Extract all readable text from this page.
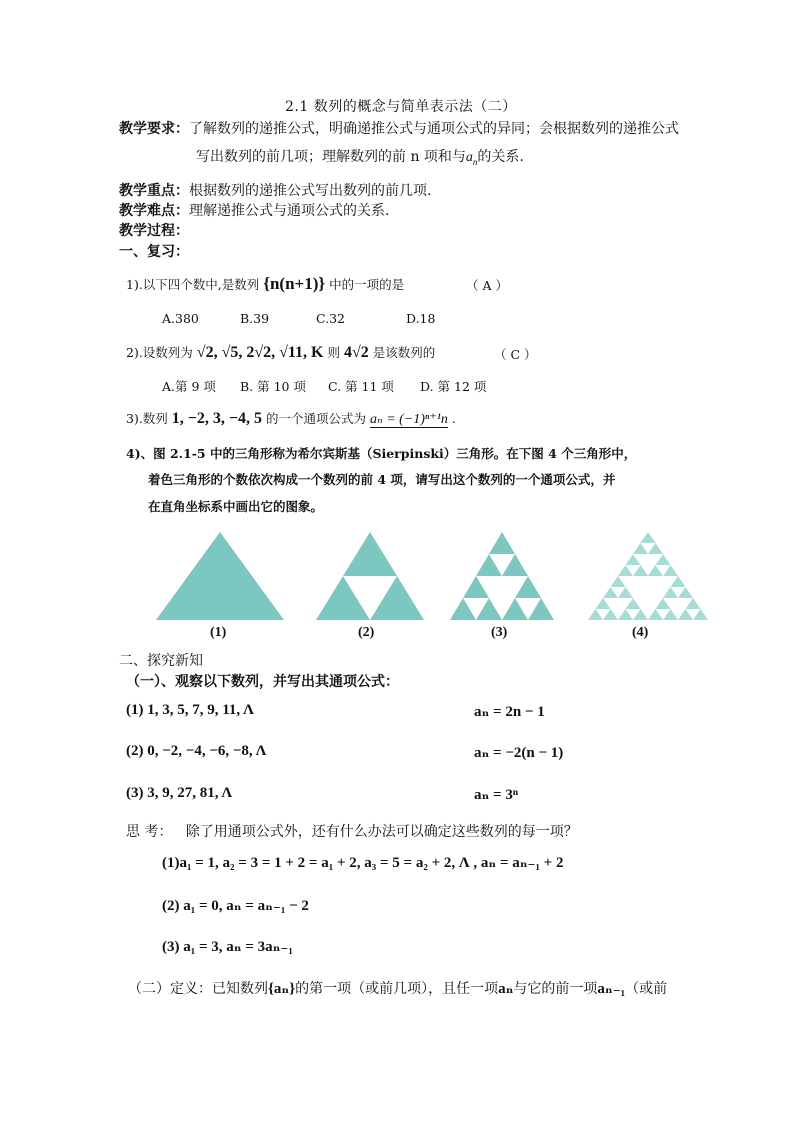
2.1 数列的概念与简单表示法（二）
教学要求：了解数列的递推公式，明确递推公式与通项公式的异同；会根据数列的递推公式
写出数列的前几项；理解数列的前 n 项和与$a_n$的关系.
教学重点：根据数列的递推公式写出数列的前几项.
教学难点：理解递推公式与通项公式的关系.
教学过程：
一、复习：
1).以下四个数中,是数列 {n(n+1)} 中的一项的是	（ A ）
A.380	B.39	C.32	D.18
2).设数列为 √2, √5, 2√2, √11, K 则 4√2 是该数列的	（ C ）
A.第 9 项 B. 第 10 项 C. 第 11 项 D. 第 12 项
3).数列 1, −2, 3, −4, 5 的一个通项公式为 aₙ = (−1)ⁿ⁺¹n .
4)、图 2.1-5 中的三角形称为希尔宾斯基（Sierpinski）三角形。在下图 4 个三角形中，
着色三角形的个数依次构成一个数列的前 4 项，请写出这个数列的一个通项公式，并
在直角坐标系中画出它的图象。
(1)	(2)	(3)	(4)
二、探究新知
（一）、观察以下数列，并写出其通项公式：
(1) 1, 3, 5, 7, 9, 11, Λ	aₙ = 2n − 1
(2) 0, −2, −4, −6, −8, Λ	aₙ = −2(n − 1)
(3) 3, 9, 27, 81, Λ	aₙ = 3ⁿ
思 考： 除了用通项公式外，还有什么办法可以确定这些数列的每一项？
(1)a₁ = 1, a₂ = 3 = 1 + 2 = a₁ + 2, a₃ = 5 = a₂ + 2, Λ , aₙ = aₙ₋₁ + 2
(2) a₁ = 0, aₙ = aₙ₋₁ − 2
(3) a₁ = 3, aₙ = 3aₙ₋₁
（二）定义：已知数列{aₙ}的第一项（或前几项），且任一项aₙ与它的前一项aₙ₋₁（或前
